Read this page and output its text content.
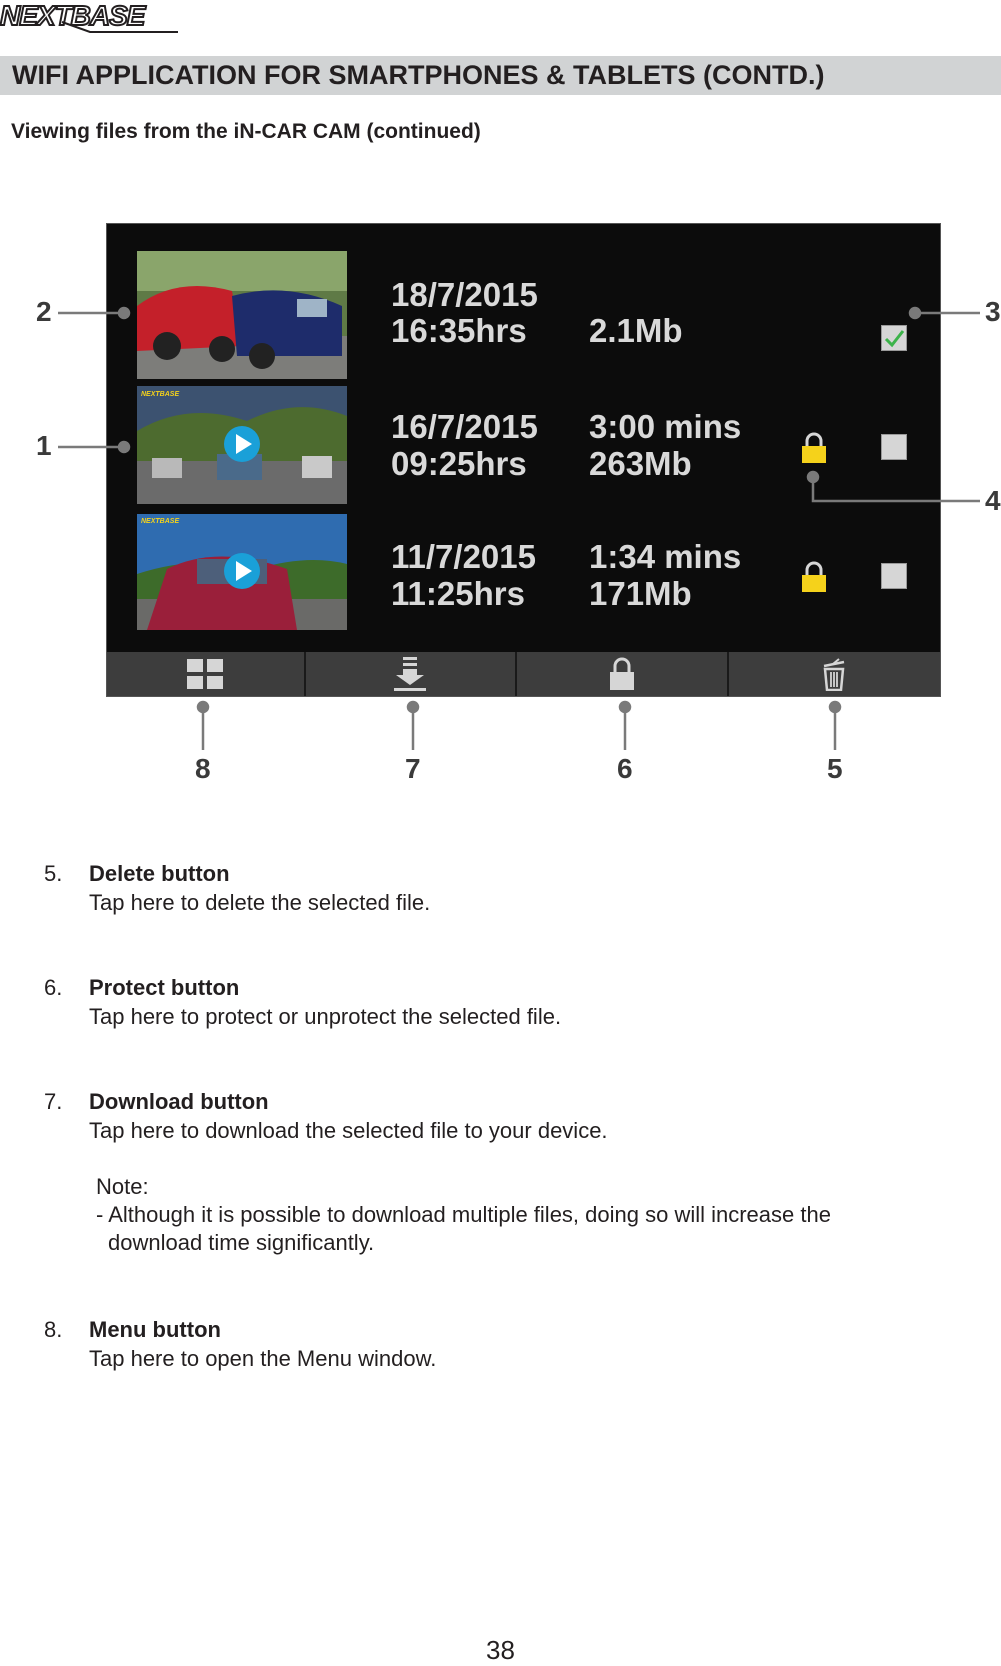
NEXTBASE
WIFI APPLICATION FOR SMARTPHONES & TABLETS (CONTD.)
Viewing files from the iN-CAR CAM (continued)
18/7/2015
16:35hrs 2.1Mb
NEXTBASE
16/7/2015
09:25hrs
3:00 mins
263Mb
NEXTBASE
11/7/2015
11:25hrs
1:34 mins
171Mb
1
2	3
4
5
6
7
8
5. Delete button
Tap here to delete the selected file.
6. Protect button
Tap here to protect or unprotect the selected file.
7. Download button
Tap here to download the selected file to your device.
Note:
- Although it is possible to download multiple files, doing so will increase the
download time significantly.
8. Menu button
Tap here to open the Menu window.
38
